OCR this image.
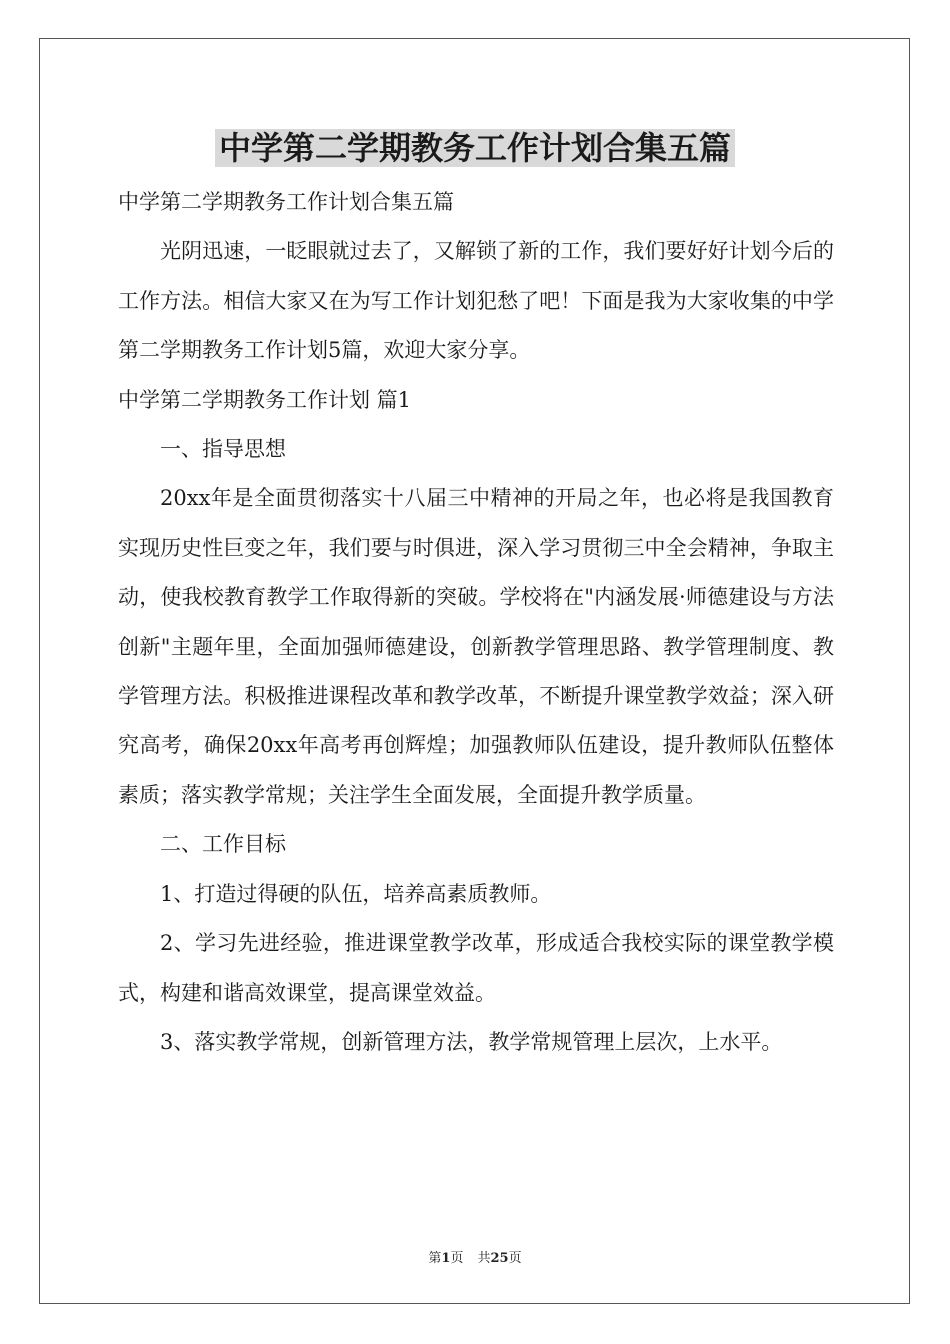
中学第二学期教务工作计划合集五篇

中学第二学期教务工作计划合集五篇

光阴迅速，一眨眼就过去了，又解锁了新的工作，我们要好好计划今后的工作方法。相信大家又在为写工作计划犯愁了吧！下面是我为大家收集的中学第二学期教务工作计划5篇，欢迎大家分享。

中学第二学期教务工作计划 篇1

一、指导思想

20xx年是全面贯彻落实十八届三中精神的开局之年，也必将是我国教育实现历史性巨变之年，我们要与时俱进，深入学习贯彻三中全会精神，争取主动，使我校教育教学工作取得新的突破。学校将在"内涵发展·师德建设与方法创新"主题年里，全面加强师德建设，创新教学管理思路、教学管理制度、教学管理方法。积极推进课程改革和教学改革，不断提升课堂教学效益；深入研究高考，确保20xx年高考再创辉煌；加强教师队伍建设，提升教师队伍整体素质；落实教学常规；关注学生全面发展，全面提升教学质量。

二、工作目标

1、打造过得硬的队伍，培养高素质教师。

2、学习先进经验，推进课堂教学改革，形成适合我校实际的课堂教学模式，构建和谐高效课堂，提高课堂效益。

3、落实教学常规，创新管理方法，教学常规管理上层次，上水平。

第1页 共25页
